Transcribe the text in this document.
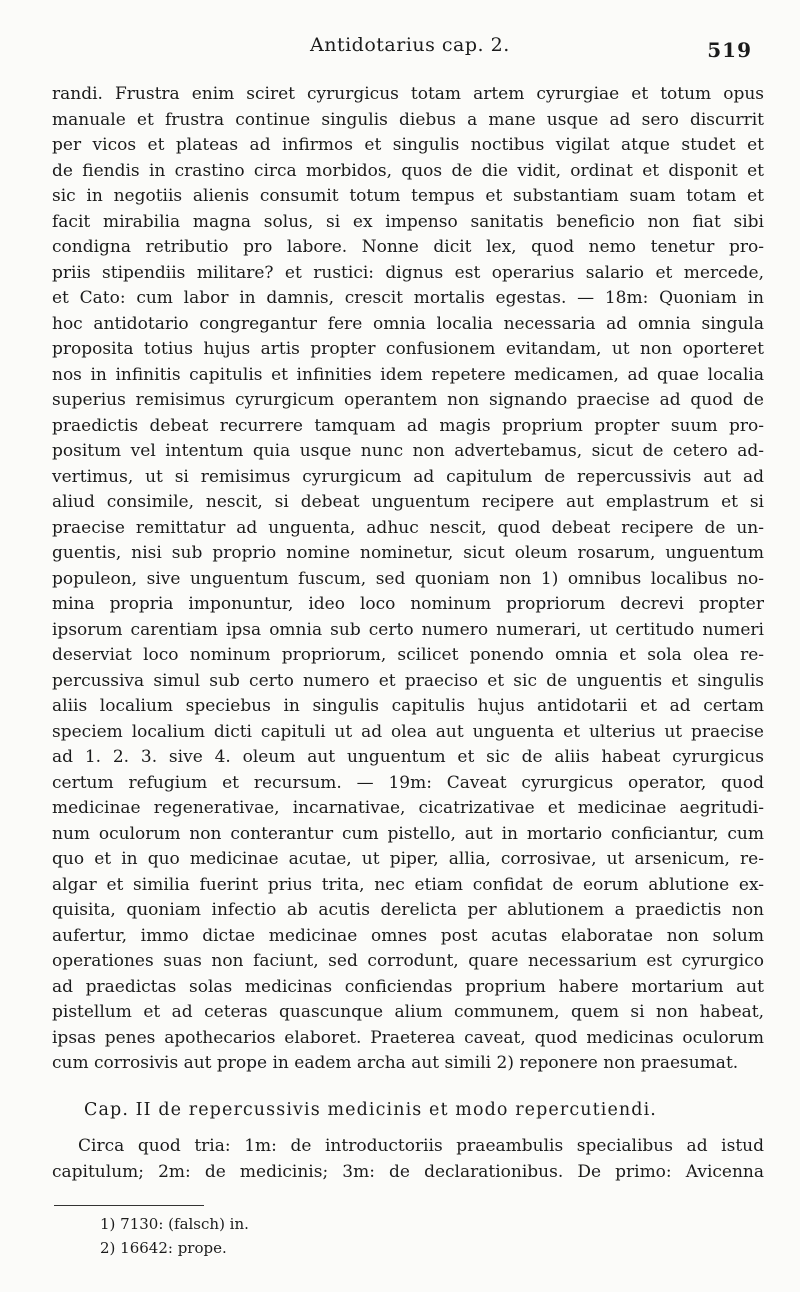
Antidotarius cap. 2.	519
randi. Frustra enim sciret cyrurgicus totam artem cyrurgiae et totum opus
manuale et frustra continue singulis diebus a mane usque ad sero discurrit
per vicos et plateas ad infirmos et singulis noctibus vigilat atque studet et
de fiendis in crastino circa morbidos, quos de die vidit, ordinat et disponit et
sic in negotiis alienis consumit totum tempus et substantiam suam totam et
facit mirabilia magna solus, si ex impenso sanitatis beneficio non fiat sibi
condigna retributio pro labore. Nonne dicit lex, quod nemo tenetur pro-
priis stipendiis militare? et rustici: dignus est operarius salario et mercede,
et Cato: cum labor in damnis, crescit mortalis egestas. — 18m: Quoniam in
hoc antidotario congregantur fere omnia localia necessaria ad omnia singula
proposita totius hujus artis propter confusionem evitandam, ut non oporteret
nos in infinitis capitulis et infinities idem repetere medicamen, ad quae localia
superius remisimus cyrurgicum operantem non signando praecise ad quod de
praedictis debeat recurrere tamquam ad magis proprium propter suum pro-
positum vel intentum quia usque nunc non advertebamus, sicut de cetero ad-
vertimus, ut si remisimus cyrurgicum ad capitulum de repercussivis aut ad
aliud consimile, nescit, si debeat unguentum recipere aut emplastrum et si
praecise remittatur ad unguenta, adhuc nescit, quod debeat recipere de un-
guentis, nisi sub proprio nomine nominetur, sicut oleum rosarum, unguentum
populeon, sive unguentum fuscum, sed quoniam non 1) omnibus localibus no-
mina propria imponuntur, ideo loco nominum propriorum decrevi propter
ipsorum carentiam ipsa omnia sub certo numero numerari, ut certitudo numeri
deserviat loco nominum propriorum, scilicet ponendo omnia et sola olea re-
percussiva simul sub certo numero et praeciso et sic de unguentis et singulis
aliis localium speciebus in singulis capitulis hujus antidotarii et ad certam
speciem localium dicti capituli ut ad olea aut unguenta et ulterius ut praecise
ad 1. 2. 3. sive 4. oleum aut unguentum et sic de aliis habeat cyrurgicus
certum refugium et recursum. — 19m: Caveat cyrurgicus operator, quod
medicinae regenerativae, incarnativae, cicatrizativae et medicinae aegritudi-
num oculorum non conterantur cum pistello, aut in mortario conficiantur, cum
quo et in quo medicinae acutae, ut piper, allia, corrosivae, ut arsenicum, re-
algar et similia fuerint prius trita, nec etiam confidat de eorum ablutione ex-
quisita, quoniam infectio ab acutis derelicta per ablutionem a praedictis non
aufertur, immo dictae medicinae omnes post acutas elaboratae non solum
operationes suas non faciunt, sed corrodunt, quare necessarium est cyrurgico
ad praedictas solas medicinas conficiendas proprium habere mortarium aut
pistellum et ad ceteras quascunque alium communem, quem si non habeat,
ipsas penes apothecarios elaboret. Praeterea caveat, quod medicinas oculorum
cum corrosivis aut prope in eadem archa aut simili 2) reponere non praesumat.
Cap. II de repercussivis medicinis et modo repercutiendi.
Circa quod tria: 1m: de introductoriis praeambulis specialibus ad istud
capitulum; 2m: de medicinis; 3m: de declarationibus. De primo: Avicenna
1) 7130: (falsch) in.
2) 16642: prope.
